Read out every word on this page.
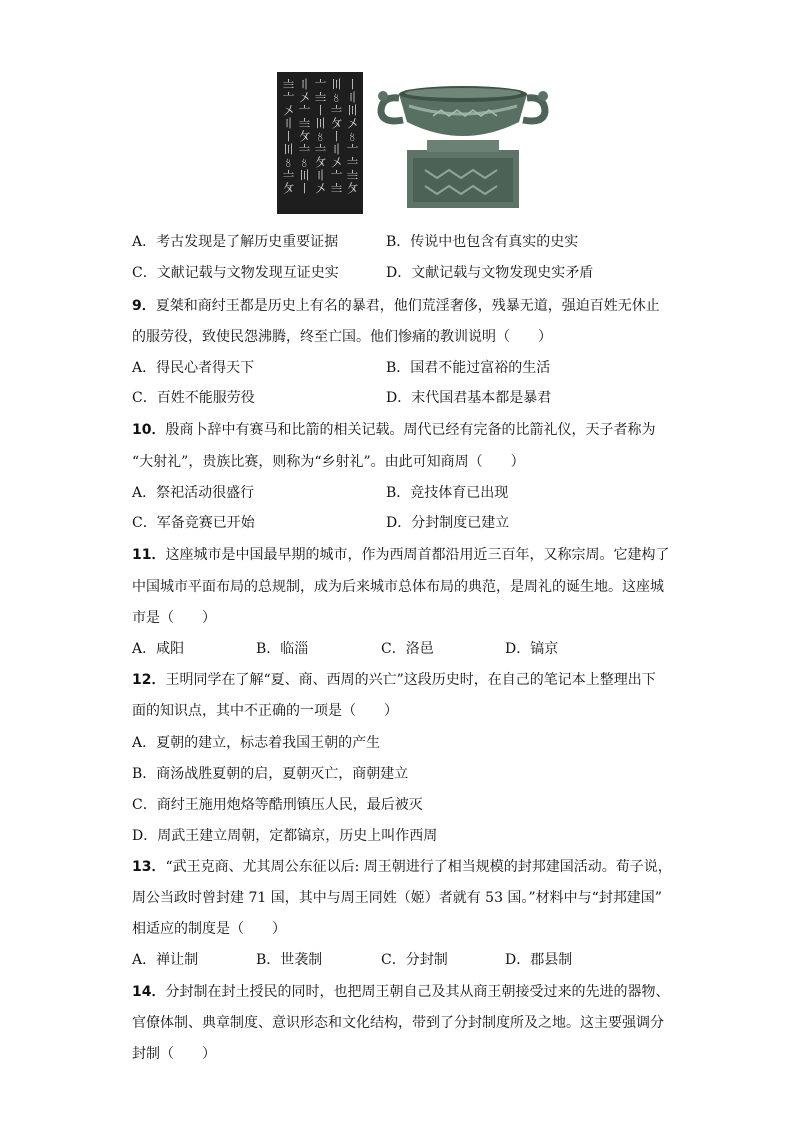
〡〢〣〤〥〦〧〨〩
〣〥〧〩〡〢〤〦〨
〦〨〡〣〥〧〩〢〤
〢〤〦〨〩〧〥〣〡
〨〦〤〢〡〣〥〧〩
A．考古发现是了解历史重要证据	B．传说中也包含有真实的史实
C．文献记载与文物发现互证史实	D．文献记载与文物发现史实矛盾
9．夏桀和商纣王都是历史上有名的暴君，他们荒淫奢侈，残暴无道，强迫百姓无休止
的服劳役，致使民怨沸腾，终至亡国。他们惨痛的教训说明（　　）
A．得民心者得天下	B．国君不能过富裕的生活
C．百姓不能服劳役	D．末代国君基本都是暴君
10．殷商卜辞中有赛马和比箭的相关记载。周代已经有完备的比箭礼仪，天子者称为
“大射礼”，贵族比赛，则称为“乡射礼”。由此可知商周（　　）
A．祭祀活动很盛行	B．竞技体育已出现
C．军备竞赛已开始	D．分封制度已建立
11．这座城市是中国最早期的城市，作为西周首都沿用近三百年，又称宗周。它建构了
中国城市平面布局的总规制，成为后来城市总体布局的典范，是周礼的诞生地。这座城
市是（　　）
A．咸阳	B．临淄	C．洛邑	D．镐京
12．王明同学在了解“夏、商、西周的兴亡”这段历史时，在自己的笔记本上整理出下
面的知识点，其中不正确的一项是（　　）
A．夏朝的建立，标志着我国王朝的产生
B．商汤战胜夏朝的启，夏朝灭亡，商朝建立
C．商纣王施用炮烙等酷刑镇压人民，最后被灭
D．周武王建立周朝，定都镐京，历史上叫作西周
13．“武王克商、尤其周公东征以后: 周王朝进行了相当规模的封邦建国活动。荀子说，
周公当政时曾封建 71 国，其中与周王同姓（姬）者就有 53 国。”材料中与“封邦建国”
相适应的制度是（　　）
A．禅让制	B．世袭制	C．分封制	D．郡县制
14．分封制在封土授民的同时，也把周王朝自己及其从商王朝接受过来的先进的器物、
官僚体制、典章制度、意识形态和文化结构，带到了分封制度所及之地。这主要强调分
封制（　　）
